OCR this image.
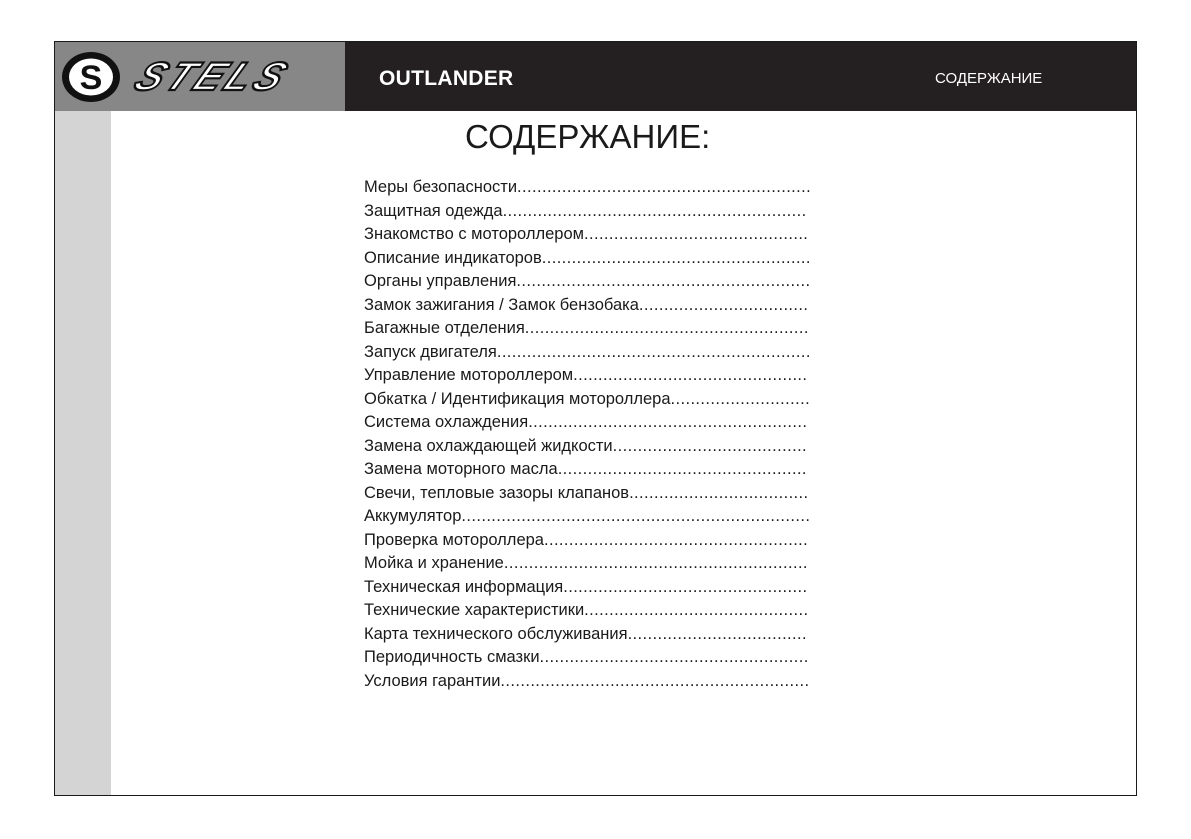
S STELS	OUTLANDER	СОДЕРЖАНИЕ
СОДЕРЖАНИЕ:
Меры безопасности...........................................................
Защитная одежда.............................................................
Знакомство с мотороллером.............................................
Описание индикаторов......................................................
Органы управления...........................................................
Замок зажигания / Замок бензобака..................................
Багажные отделения.........................................................
Запуск двигателя...............................................................
Управление мотороллером...............................................
Обкатка / Идентификация мотороллера............................
Система охлаждения........................................................
Замена охлаждающей жидкости.......................................
Замена моторного масла..................................................
Свечи, тепловые зазоры клапанов....................................
Аккумулятор......................................................................
Проверка мотороллера.....................................................
Мойка и хранение.............................................................
Техническая информация.................................................
Технические характеристики.............................................
Карта технического обслуживания....................................
Периодичность смазки......................................................
Условия гарантии..............................................................
